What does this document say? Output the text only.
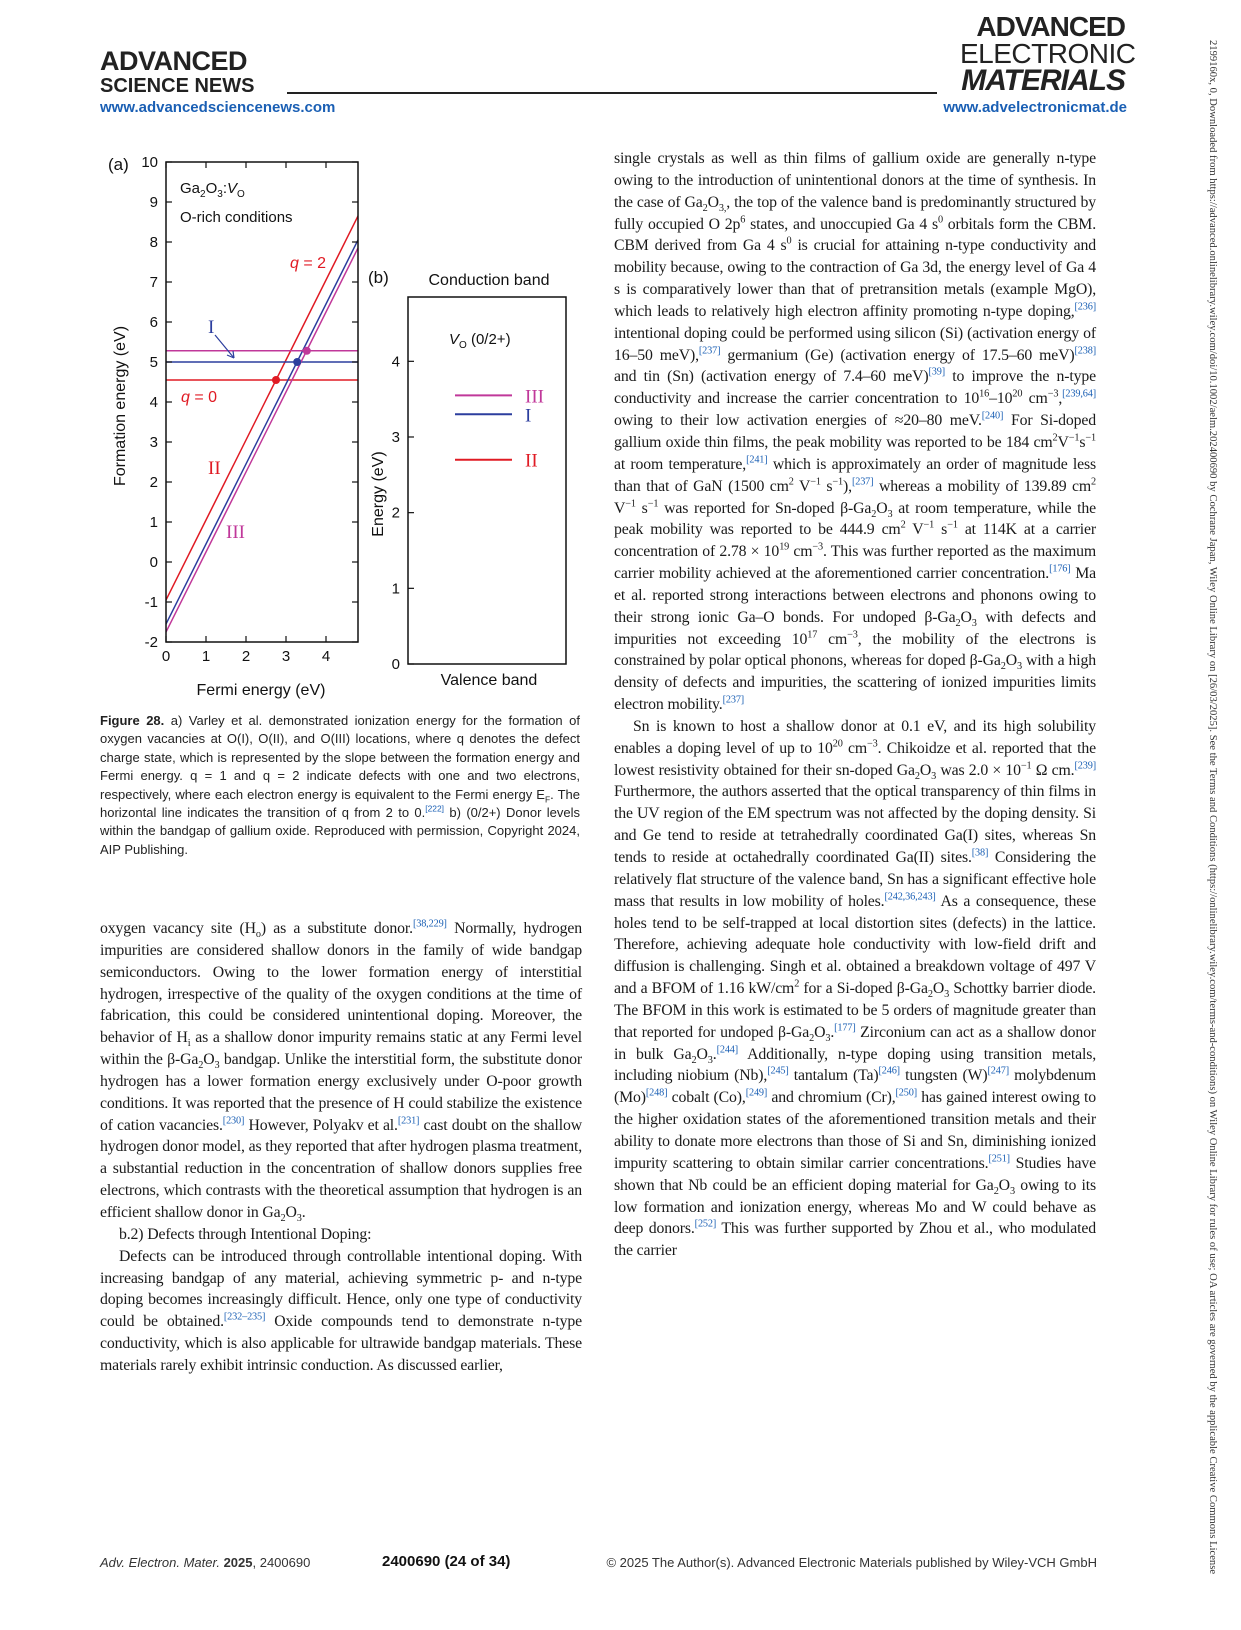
ADVANCED
SCIENCE NEWS
ADVANCED
ELECTRONIC
MATERIALS
www.advancedsciencenews.com	www.advelectronicmat.de	2199160x, 0, Downloaded from https://advanced.onlinelibrary.wiley.com/doi/10.1002/aelm.202400690 by Cochrane Japan, Wiley Online Library on [26/03/2025]. See the Terms and Conditions (https://onlinelibrary.wiley.com/terms-and-conditions) on Wiley Online Library for rules of use; OA articles are governed by the applicable Creative Commons License
(a)
Formation energy (eV)
Fermi energy (eV)
(b) Conduction band
Valence band
Energy (eV)
-2
-1
0
1
2
3
4
5
6
7
8
9
10
0 1 2 3 4	0
1
2
3
4
III
I
II
$Ga_2O_3:V_O$
O-rich conditions
q = 2
q = 0
$V_O$ (0/2+)
I
II
III
Figure 28. a) Varley et al. demonstrated ionization energy for the formation of oxygen vacancies at O(I), O(II), and O(III) locations, where q denotes the defect charge state, which is represented by the slope between the formation energy and Fermi energy. q = 1 and q = 2 indicate defects with one and two electrons, respectively, where each electron energy is equivalent to the Fermi energy $E_F$. The horizontal line indicates the transition of q from 2 to 0.[222] b) (0/2+) Donor levels within the bandgap of gallium oxide. Reproduced with permission, Copyright 2024, AIP Publishing.

oxygen vacancy site $(H_o)$ as a substitute donor.[38,229] Normally, hydrogen impurities are considered shallow donors in the family of wide bandgap semiconductors. Owing to the lower formation energy of interstitial hydrogen, irrespective of the quality of the oxygen conditions at the time of fabrication, this could be considered unintentional doping. Moreover, the behavior of $H_i$ as a shallow donor impurity remains static at any Fermi level within the $\beta-Ga_2O_3$ bandgap. Unlike the interstitial form, the substitute donor hydrogen has a lower formation energy exclusively under O-poor growth conditions. It was reported that the presence of H could stabilize the existence of cation vacancies.[230] However, Polyakv et al.[231] cast doubt on the shallow hydrogen donor model, as they reported that after hydrogen plasma treatment, a substantial reduction in the concentration of shallow donors supplies free electrons, which contrasts with the theoretical assumption that hydrogen is an efficient shallow donor in $Ga_2O_3$.

b.2) Defects through Intentional Doping:

Defects can be introduced through controllable intentional doping. With increasing bandgap of any material, achieving symmetric p- and n-type doping becomes increasingly difficult. Hence, only one type of conductivity could be obtained.[232–235] Oxide compounds tend to demonstrate n-type conductivity, which is also applicable for ultrawide bandgap materials. These materials rarely exhibit intrinsic conduction. As discussed earlier,

single crystals as well as thin films of gallium oxide are generally n-type owing to the introduction of unintentional donors at the time of synthesis. In the case of $Ga_2O_{3,}$, the top of the valence band is predominantly structured by fully occupied O $2p^6$ states, and unoccupied Ga 4 $s^0$ orbitals form the CBM. CBM derived from Ga 4 $s^0$ is crucial for attaining n-type conductivity and mobility because, owing to the contraction of Ga 3d, the energy level of Ga 4 s is comparatively lower than that of pretransition metals (example MgO), which leads to relatively high electron affinity promoting n-type doping,[236] intentional doping could be performed using silicon (Si) (activation energy of 16–50 meV),[237] germanium (Ge) (activation energy of 17.5–60 meV)[238] and tin (Sn) (activation energy of 7.4–60 meV)[39] to improve the n-type conductivity and increase the carrier concentration to $10^{16}-10^{20}$ $cm^{-3},[239,64]$ owing to their low activation energies of ≈20–80 meV.[240] For Si-doped gallium oxide thin films, the peak mobility was reported to be 184 $cm^2V^{-1}s^{-1}$ at room temperature,[241] which is approximately an order of magnitude less than that of GaN (1500 $cm^2$ $V^{-1}$ $s^{-1}),[237]$ whereas a mobility of 139.89 $cm^2$ $V^{-1}$ $s^{-1}$ was reported for Sn-doped $\beta-Ga_2O_3$ at room temperature, while the peak mobility was reported to be 444.9 $cm^2$ $V^{-1}$ $s^{-1}$ at 114K at a carrier concentration of $2.78 \times 10^{19}$ $cm^{-3}$. This was further reported as the maximum carrier mobility achieved at the aforementioned carrier concentration.[176] Ma et al. reported strong interactions between electrons and phonons owing to their strong ionic Ga–O bonds. For undoped $\beta-Ga_2O_3$ with defects and impurities not exceeding $10^{17}$ $cm^{-3}$, the mobility of the electrons is constrained by polar optical phonons, whereas for doped $\beta-Ga_2O_3$ with a high density of defects and impurities, the scattering of ionized impurities limits electron mobility.[237]

Sn is known to host a shallow donor at 0.1 eV, and its high solubility enables a doping level of up to $10^{20}$ $cm^{-3}$. Chikoidze et al. reported that the lowest resistivity obtained for their sn-doped $Ga_2O_3$ was $2.0 \times 10^{-1}$ Ω cm.[239] Furthermore, the authors asserted that the optical transparency of thin films in the UV region of the EM spectrum was not affected by the doping density. Si and Ge tend to reside at tetrahedrally coordinated Ga(I) sites, whereas Sn tends to reside at octahedrally coordinated Ga(II) sites.[38] Considering the relatively flat structure of the valence band, Sn has a significant effective hole mass that results in low mobility of holes.[242,36,243] As a consequence, these holes tend to be self-trapped at local distortion sites (defects) in the lattice. Therefore, achieving adequate hole conductivity with low-field drift and diffusion is challenging. Singh et al. obtained a breakdown voltage of 497 V and a BFOM of 1.16 $kW/cm^2$ for a Si-doped $\beta-Ga_2O_3$ Schottky barrier diode. The BFOM in this work is estimated to be 5 orders of magnitude greater than that reported for undoped $\beta-Ga_2O_3.[177]$ Zirconium can act as a shallow donor in bulk $Ga_2O_3.[244]$ Additionally, n-type doping using transition metals, including niobium (Nb),[245] tantalum (Ta)[246] tungsten (W)[247] molybdenum (Mo)[248] cobalt (Co),[249] and chromium (Cr),[250] has gained interest owing to the higher oxidation states of the aforementioned transition metals and their ability to donate more electrons than those of Si and Sn, diminishing ionized impurity scattering to obtain similar carrier concentrations.[251] Studies have shown that Nb could be an efficient doping material for $Ga_2O_3$ owing to its low formation and ionization energy, whereas Mo and W could behave as deep donors.[252] This was further supported by Zhou et al., who modulated the carrier

Adv. Electron. Mater. 2025, 2400690	2400690 (24 of 34)	© 2025 The Author(s). Advanced Electronic Materials published by Wiley-VCH GmbH
